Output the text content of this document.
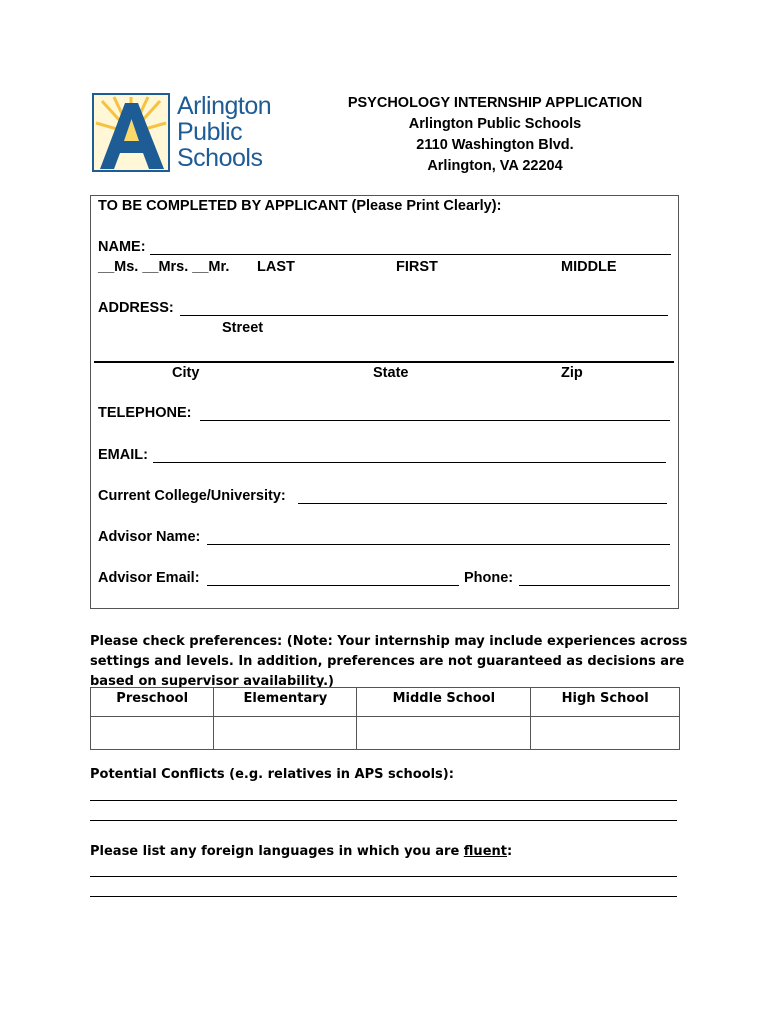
Arlington
Public
Schools
PSYCHOLOGY INTERNSHIP APPLICATION
Arlington Public Schools
2110 Washington Blvd.
Arlington, VA 22204
TO BE COMPLETED BY APPLICANT (Please Print Clearly):
NAME:
__Ms. __Mrs. __Mr. LAST	FIRST	MIDDLE
ADDRESS:
Street
City	State	Zip
TELEPHONE:
EMAIL:
Current College/University:
Advisor Name:
Advisor Email:	Phone:
Please check preferences: (Note: Your internship may include experiences across settings and levels. In addition, preferences are not guaranteed as decisions are based on supervisor availability.)
Preschool	Elementary	Middle School	High School

Potential Conflicts (e.g. relatives in APS schools):
Please list any foreign languages in which you are fluent:
